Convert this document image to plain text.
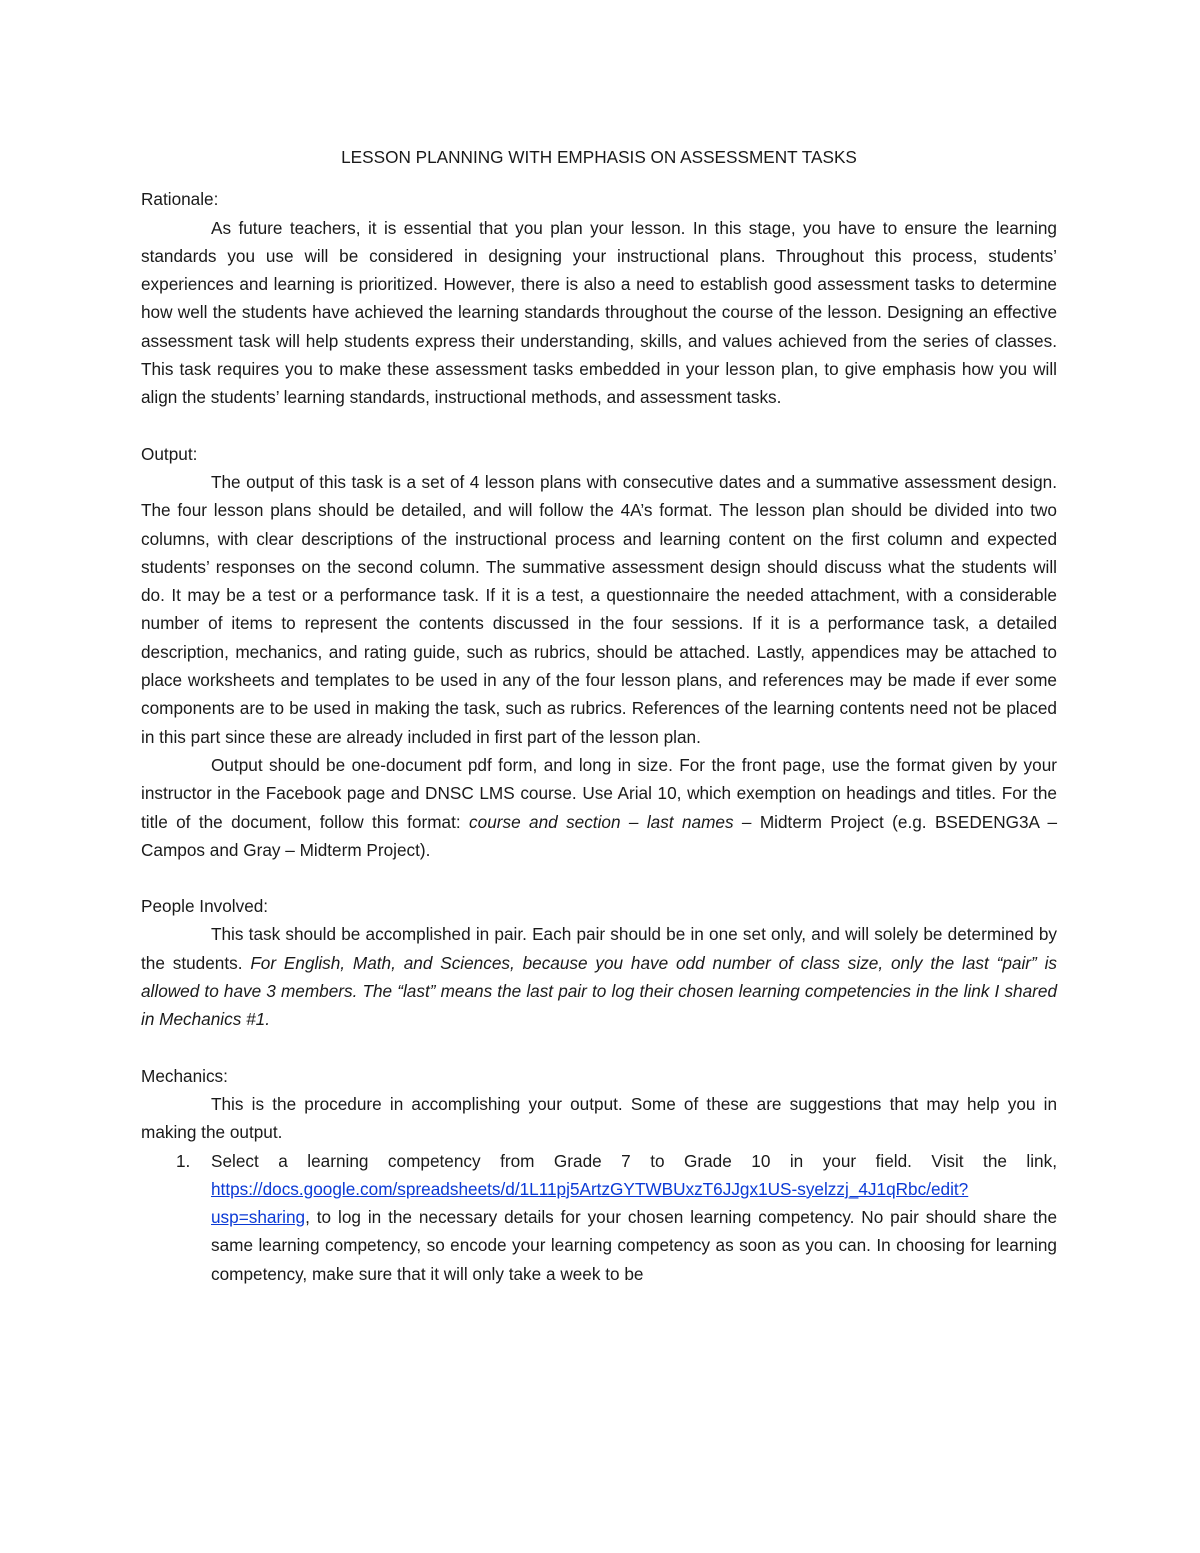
LESSON PLANNING WITH EMPHASIS ON ASSESSMENT TASKS
Rationale:

As future teachers, it is essential that you plan your lesson. In this stage, you have to ensure the learning standards you use will be considered in designing your instructional plans. Throughout this process, students’ experiences and learning is prioritized. However, there is also a need to establish good assessment tasks to determine how well the students have achieved the learning standards throughout the course of the lesson. Designing an effective assessment task will help students express their understanding, skills, and values achieved from the series of classes. This task requires you to make these assessment tasks embedded in your lesson plan, to give emphasis how you will align the students’ learning standards, instructional methods, and assessment tasks.

Output:

The output of this task is a set of 4 lesson plans with consecutive dates and a summative assessment design. The four lesson plans should be detailed, and will follow the 4A’s format. The lesson plan should be divided into two columns, with clear descriptions of the instructional process and learning content on the first column and expected students’ responses on the second column. The summative assessment design should discuss what the students will do. It may be a test or a performance task. If it is a test, a questionnaire the needed attachment, with a considerable number of items to represent the contents discussed in the four sessions. If it is a performance task, a detailed description, mechanics, and rating guide, such as rubrics, should be attached. Lastly, appendices may be attached to place worksheets and templates to be used in any of the four lesson plans, and references may be made if ever some components are to be used in making the task, such as rubrics. References of the learning contents need not be placed in this part since these are already included in first part of the lesson plan.

Output should be one-document pdf form, and long in size. For the front page, use the format given by your instructor in the Facebook page and DNSC LMS course. Use Arial 10, which exemption on headings and titles. For the title of the document, follow this format: course and section – last names – Midterm Project (e.g. BSEDENG3A – Campos and Gray – Midterm Project).

People Involved:

This task should be accomplished in pair. Each pair should be in one set only, and will solely be determined by the students. For English, Math, and Sciences, because you have odd number of class size, only the last “pair” is allowed to have 3 members. The “last” means the last pair to log their chosen learning competencies in the link I shared in Mechanics #1.

Mechanics:

This is the procedure in accomplishing your output. Some of these are suggestions that may help you in making the output.

1. Select a learning competency from Grade 7 to Grade 10 in your field. Visit the link, https://docs.google.com/spreadsheets/d/1L11pj5ArtzGYTWBUxzT6JJgx1US-syelzzj_4J1qRbc/edit?usp=sharing, to log in the necessary details for your chosen learning competency. No pair should share the same learning competency, so encode your learning competency as soon as you can. In choosing for learning competency, make sure that it will only take a week to be
